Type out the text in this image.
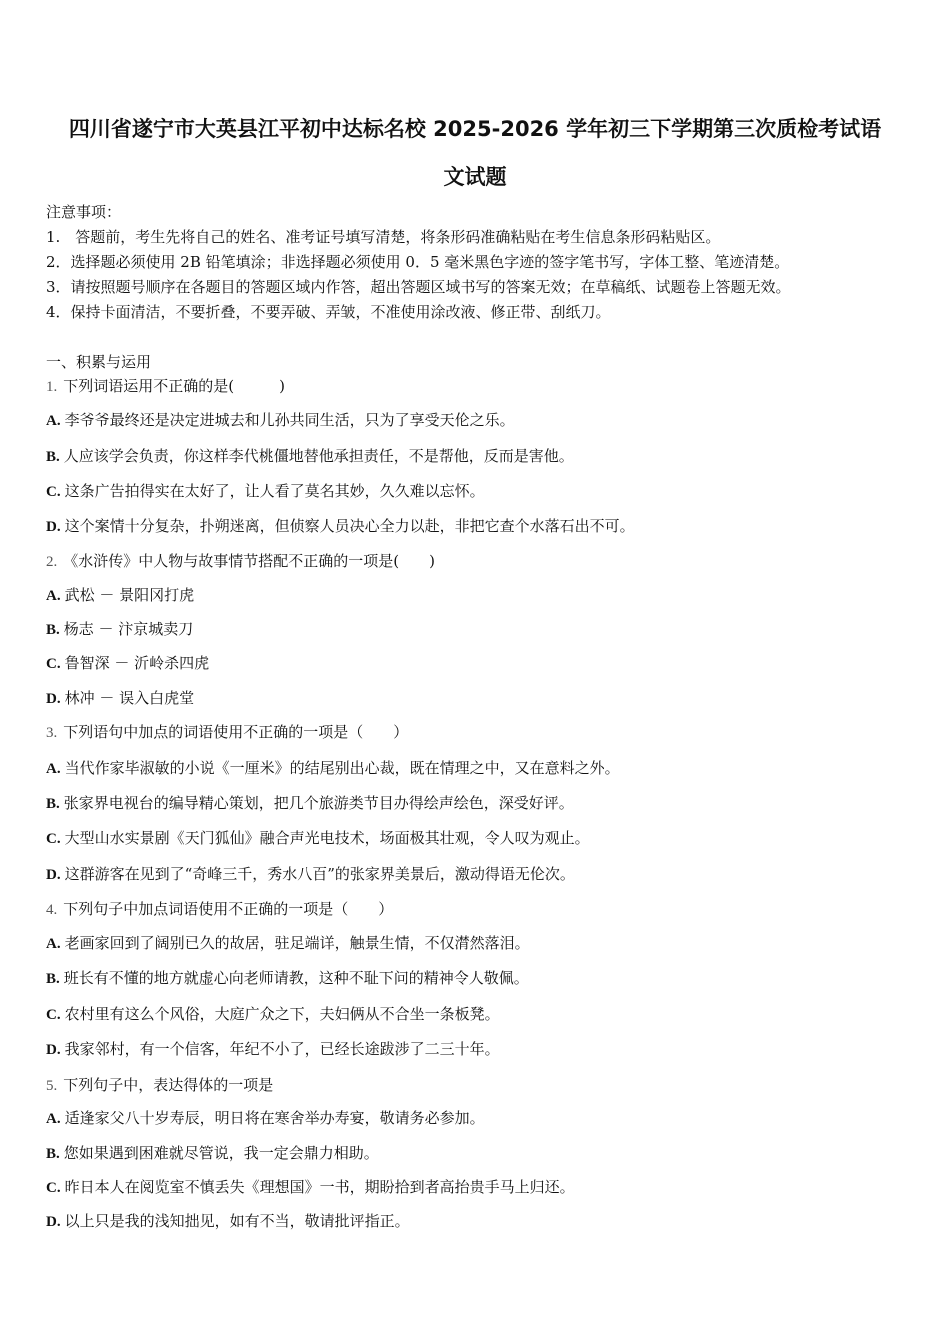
四川省遂宁市大英县江平初中达标名校 2025-2026 学年初三下学期第三次质检考试语
文试题
注意事项：
1.　答题前，考生先将自己的姓名、准考证号填写清楚，将条形码准确粘贴在考生信息条形码粘贴区。
2．选择题必须使用 2B 铅笔填涂；非选择题必须使用 0．5 毫米黑色字迹的签字笔书写，字体工整、笔迹清楚。
3．请按照题号顺序在各题目的答题区域内作答，超出答题区域书写的答案无效；在草稿纸、试题卷上答题无效。
4．保持卡面清洁，不要折叠，不要弄破、弄皱，不准使用涂改液、修正带、刮纸刀。
一、积累与运用
1. 下列词语运用不正确的是(　　　)
A. 李爷爷最终还是决定进城去和儿孙共同生活，只为了享受天伦之乐。
B. 人应该学会负责，你这样李代桃僵地替他承担责任，不是帮他，反而是害他。
C. 这条广告拍得实在太好了，让人看了莫名其妙，久久难以忘怀。
D. 这个案情十分复杂，扑朔迷离，但侦察人员决心全力以赴，非把它查个水落石出不可。
2. 《水浒传》中人物与故事情节搭配不正确的一项是(　　)
A. 武松 － 景阳冈打虎
B. 杨志 － 汴京城卖刀
C. 鲁智深 － 沂岭杀四虎
D. 林冲 － 误入白虎堂
3. 下列语句中加点的词语使用不正确的一项是（　　）
A. 当代作家毕淑敏的小说《一厘米》的结尾别出心裁，既在情理之中，又在意料之外。
B. 张家界电视台的编导精心策划，把几个旅游类节目办得绘声绘色，深受好评。
C. 大型山水实景剧《天门狐仙》融合声光电技术，场面极其壮观，令人叹为观止。
D. 这群游客在见到了“奇峰三千，秀水八百”的张家界美景后，激动得语无伦次。
4. 下列句子中加点词语使用不正确的一项是（　　）
A. 老画家回到了阔别已久的故居，驻足端详，触景生情，不仅潸然落泪。
B. 班长有不懂的地方就虚心向老师请教，这种不耻下问的精神令人敬佩。
C. 农村里有这么个风俗，大庭广众之下，夫妇俩从不合坐一条板凳。
D. 我家邻村，有一个信客，年纪不小了，已经长途跋涉了二三十年。
5. 下列句子中，表达得体的一项是
A. 适逢家父八十岁寿辰，明日将在寒舍举办寿宴，敬请务必参加。
B. 您如果遇到困难就尽管说，我一定会鼎力相助。
C. 昨日本人在阅览室不慎丢失《理想国》一书，期盼拾到者高抬贵手马上归还。
D. 以上只是我的浅知拙见，如有不当，敬请批评指正。
